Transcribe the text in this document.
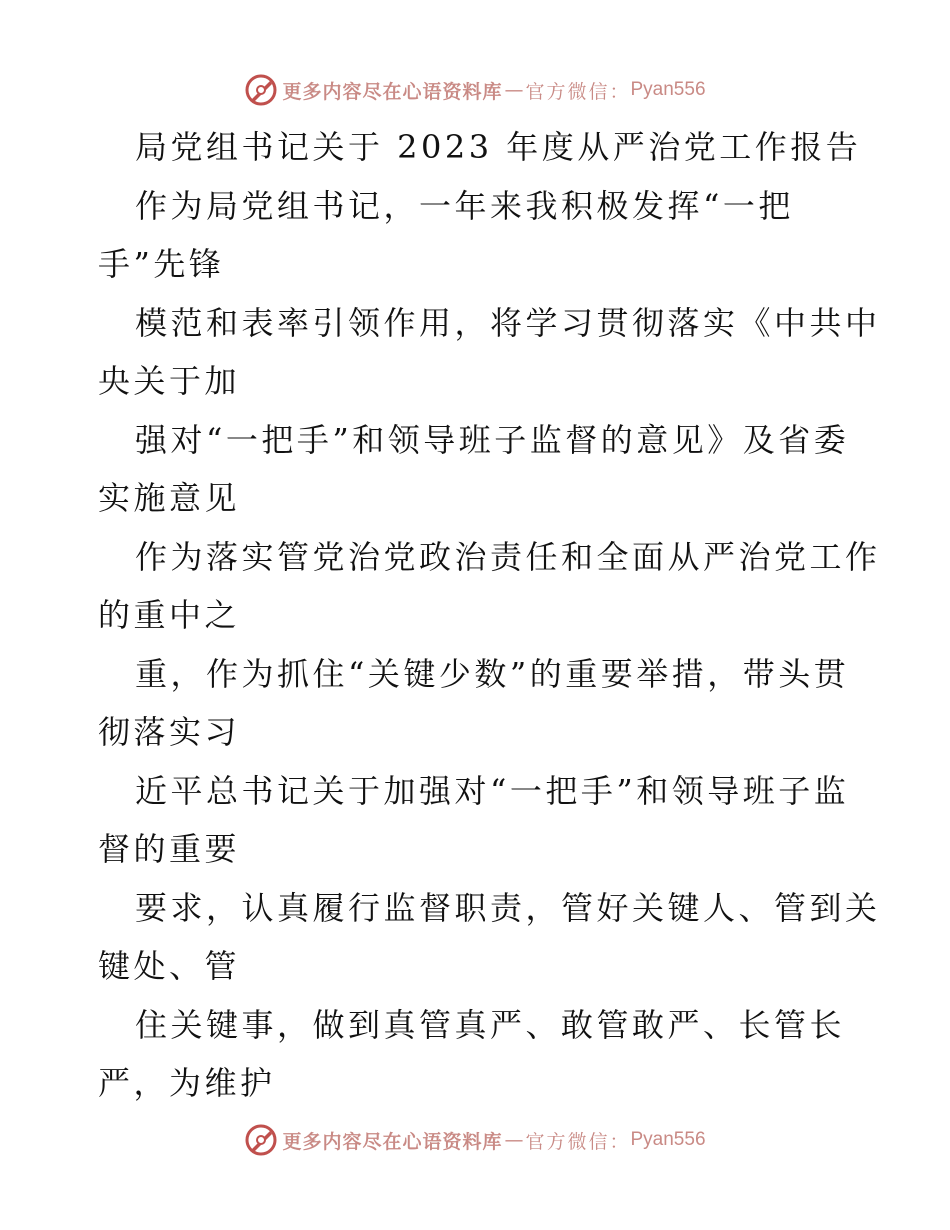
更多内容尽在心语资料库 — 官方微信： Pyan556
局党组书记关于 2023 年度从严治党工作报告
作为局党组书记，一年来我积极发挥“一把
手”先锋
模范和表率引领作用，将学习贯彻落实《中共中
央关于加
强对“一把手”和领导班子监督的意见》及省委
实施意见
作为落实管党治党政治责任和全面从严治党工作
的重中之
重，作为抓住“关键少数”的重要举措，带头贯
彻落实习
近平总书记关于加强对“一把手”和领导班子监
督的重要
要求，认真履行监督职责，管好关键人、管到关
键处、管
住关键事，做到真管真严、敢管敢严、长管长
严，为维护
更多内容尽在心语资料库 — 官方微信： Pyan556
